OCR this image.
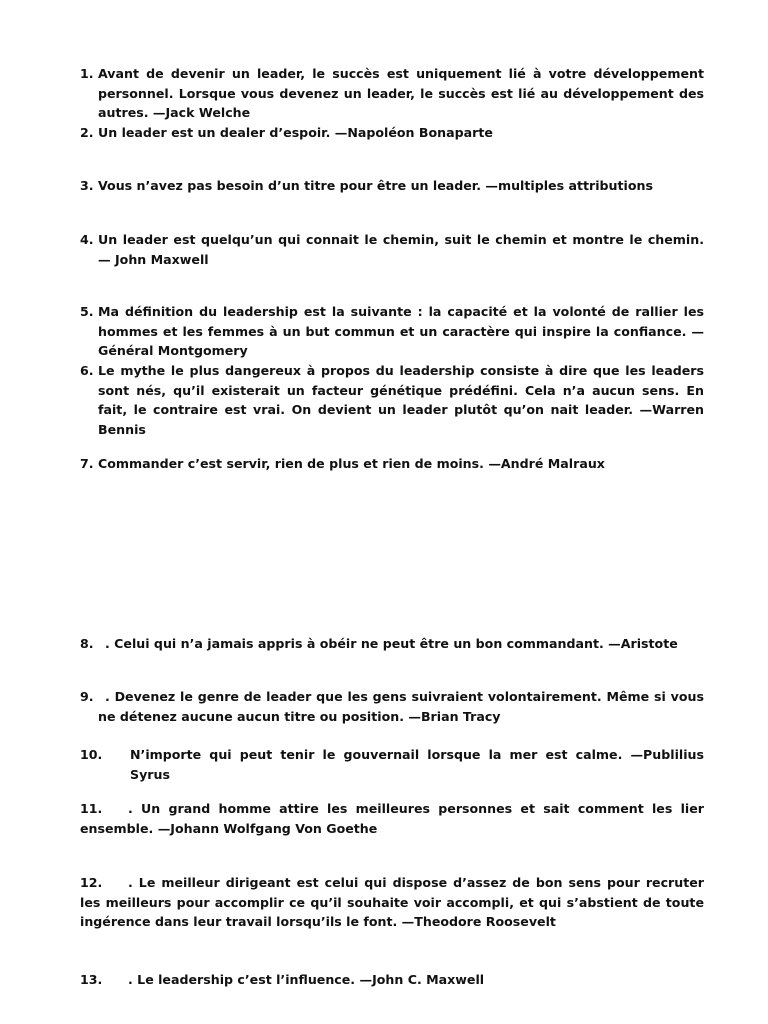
1. Avant de devenir un leader, le succès est uniquement lié à votre développement personnel. Lorsque vous devenez un leader, le succès est lié au développement des autres. —Jack Welche
2. Un leader est un dealer d’espoir. —Napoléon Bonaparte
3. Vous n’avez pas besoin d’un titre pour être un leader. —multiples attributions
4. Un leader est quelqu’un qui connait le chemin, suit le chemin et montre le chemin. — John Maxwell
5. Ma définition du leadership est la suivante : la capacité et la volonté de rallier les hommes et les femmes à un but commun et un caractère qui inspire la confiance. — Général Montgomery
6. Le mythe le plus dangereux à propos du leadership consiste à dire que les leaders sont nés, qu’il existerait un facteur génétique prédéfini. Cela n’a aucun sens. En fait, le contraire est vrai. On devient un leader plutôt qu’on nait leader. —Warren Bennis
7. Commander c’est servir, rien de plus et rien de moins. —André Malraux
8. . Celui qui n’a jamais appris à obéir ne peut être un bon commandant. —Aristote
9. . Devenez le genre de leader que les gens suivraient volontairement. Même si vous ne détenez aucune aucun titre ou position. —Brian Tracy
10.	N’importe qui peut tenir le gouvernail lorsque la mer est calme. —Publilius Syrus
11.	. Un grand homme attire les meilleures personnes et sait comment les lier ensemble. —Johann Wolfgang Von Goethe
12.	. Le meilleur dirigeant est celui qui dispose d’assez de bon sens pour recruter les meilleurs pour accomplir ce qu’il souhaite voir accompli, et qui s’abstient de toute ingérence dans leur travail lorsqu’ils le font. —Theodore Roosevelt
13.	. Le leadership c’est l’influence. —John C. Maxwell
